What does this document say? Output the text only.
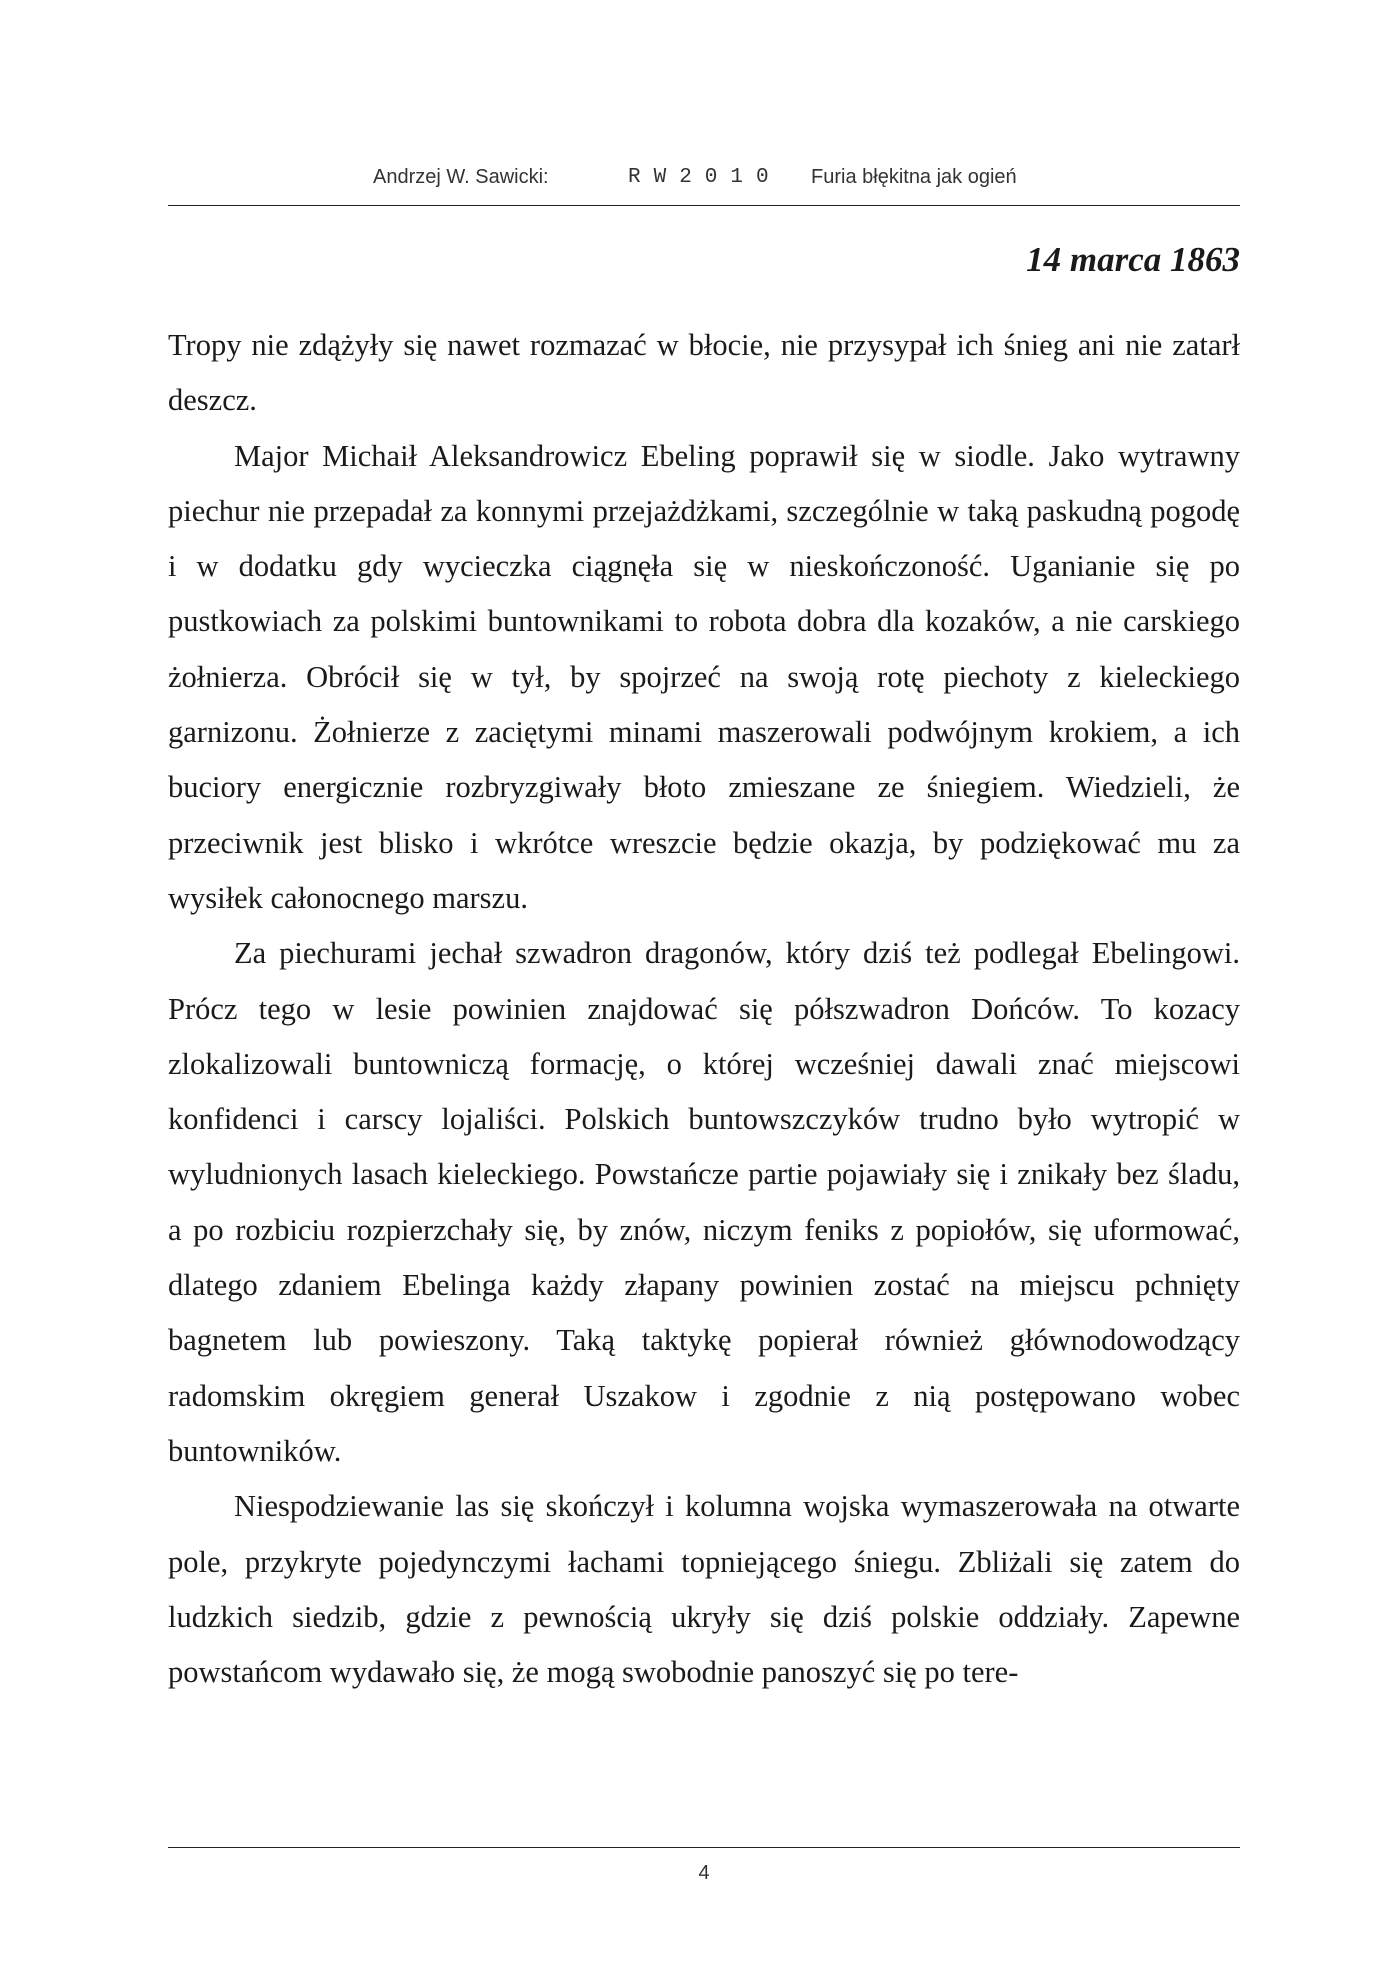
Andrzej W. Sawicki:	R W 2 0 1 0 Furia błękitna jak ogień
14 marca 1863

Tropy nie zdążyły się nawet rozmazać w błocie, nie przysypał ich śnieg ani nie zatarł deszcz.

Major Michaił Aleksandrowicz Ebeling poprawił się w siodle. Jako wytrawny piechur nie przepadał za konnymi przejażdżkami, szczególnie w taką paskudną pogodę i w dodatku gdy wycieczka ciągnęła się w nieskończoność. Uganianie się po pustkowiach za polskimi buntownikami to robota dobra dla kozaków, a nie carskiego żołnierza. Obrócił się w tył, by spojrzeć na swoją rotę piechoty z kieleckiego garnizonu. Żołnierze z zaciętymi minami maszerowali podwójnym krokiem, a ich buciory energicznie rozbryzgiwały błoto zmieszane ze śniegiem. Wiedzieli, że przeciwnik jest blisko i wkrótce wreszcie będzie okazja, by podziękować mu za wysiłek całonocnego marszu.

Za piechurami jechał szwadron dragonów, który dziś też podlegał Ebelingowi. Prócz tego w lesie powinien znajdować się półszwadron Dońców. To kozacy zlokalizowali buntowniczą formację, o której wcześniej dawali znać miejscowi konfidenci i carscy lojaliści. Polskich buntowszczyków trudno było wytropić w wyludnionych lasach kieleckiego. Powstańcze partie pojawiały się i znikały bez śladu, a po rozbiciu rozpierzchały się, by znów, niczym feniks z popiołów, się uformować, dlatego zdaniem Ebelinga każdy złapany powinien zostać na miejscu pchnięty bagnetem lub powieszony. Taką taktykę popierał również głównodowodzący radomskim okręgiem generał Uszakow i zgodnie z nią postępowano wobec buntowników.

Niespodziewanie las się skończył i kolumna wojska wymaszerowała na otwarte pole, przykryte pojedynczymi łachami topniejącego śniegu. Zbliżali się zatem do ludzkich siedzib, gdzie z pewnością ukryły się dziś polskie oddziały. Zapewne powstańcom wydawało się, że mogą swobodnie panoszyć się po tere-

4
